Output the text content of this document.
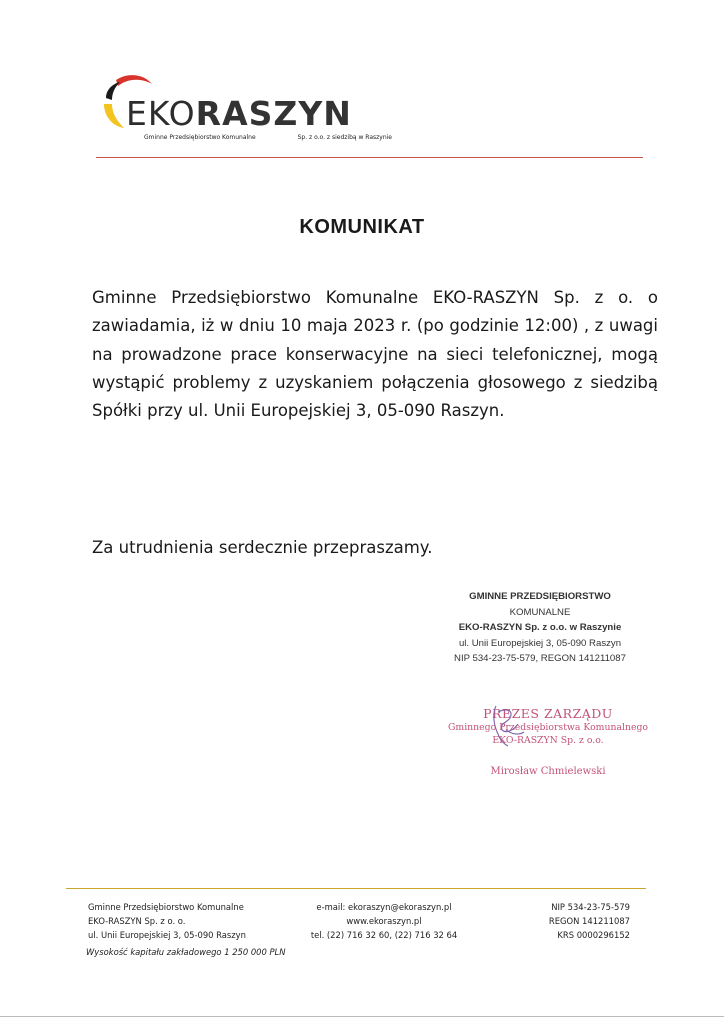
EKORASZYN
Gminne Przedsiębiorstwo Komunalne	Sp. z o.o. z siedzibą w Raszynie
KOMUNIKAT
Gminne Przedsiębiorstwo Komunalne EKO-RASZYN Sp. z o. o zawiadamia, iż w dniu 10 maja 2023 r. (po godzinie 12:00) , z uwagi na prowadzone prace konserwacyjne na sieci telefonicznej, mogą wystąpić problemy z uzyskaniem połączenia głosowego z siedzibą Spółki przy ul. Unii Europejskiej 3, 05-090 Raszyn.
Za utrudnienia serdecznie przepraszamy.
GMINNE PRZEDSIĘBIORSTWO
KOMUNALNE
EKO-RASZYN Sp. z o.o. w Raszynie
ul. Unii Europejskiej 3, 05-090 Raszyn
NIP 534-23-75-579, REGON 141211087
PREZES ZARZĄDU
Gminnego Przedsiębiorstwa Komunalnego
EKO-RASZYN Sp. z o.o.
Mirosław Chmielewski
Gminne Przedsiębiorstwo Komunalne
EKO-RASZYN Sp. z o. o.
ul. Unii Europejskiej 3, 05-090 Raszyn
e-mail: ekoraszyn@ekoraszyn.pl
www.ekoraszyn.pl
tel. (22) 716 32 60, (22) 716 32 64
NIP 534-23-75-579
REGON 141211087
KRS 0000296152
Wysokość kapitału zakładowego 1 250 000 PLN
